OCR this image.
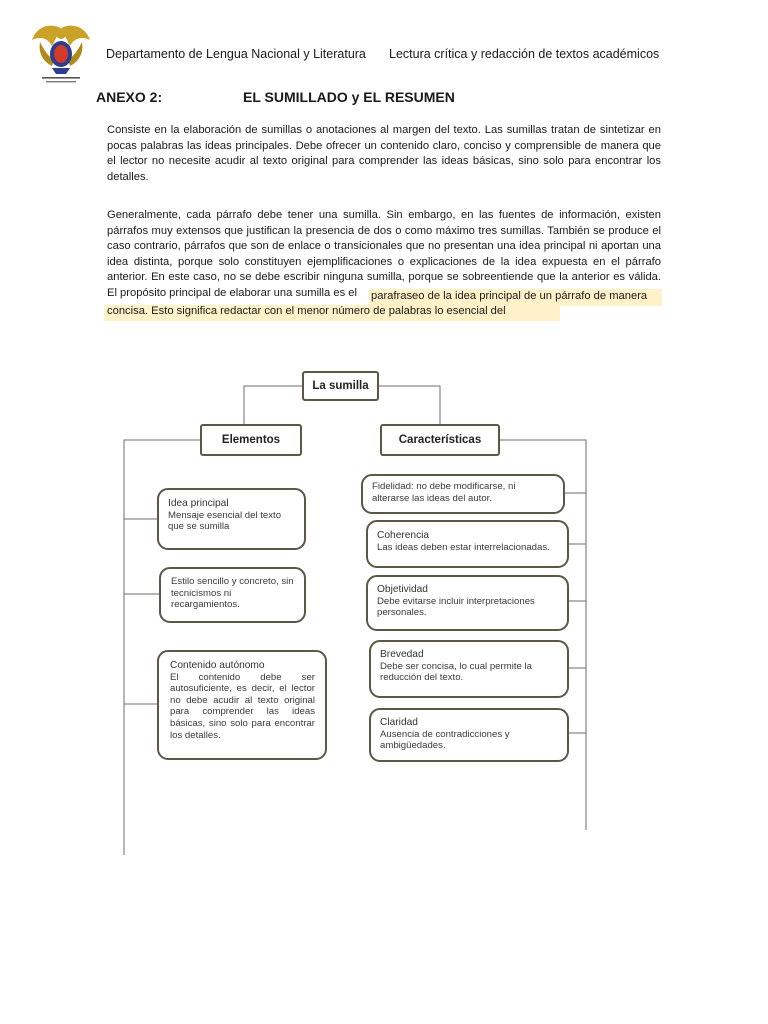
Departamento de Lengua Nacional y Literatura Lectura crítica y redacción de textos académicos
ANEXO 2:	EL SUMILLADO y EL RESUMEN
Consiste en la elaboración de sumillas o anotaciones al margen del texto. Las sumillas tratan de sintetizar en pocas palabras las ideas principales. Debe ofrecer un contenido claro, conciso y comprensible de manera que el lector no necesite acudir al texto original para comprender las ideas básicas, sino solo para encontrar los detalles.
Generalmente, cada párrafo debe tener una sumilla. Sin embargo, en las fuentes de información, existen párrafos muy extensos que justifican la presencia de dos o como máximo tres sumillas. También se produce el caso contrario, párrafos que son de enlace o transicionales que no presentan una idea principal ni aportan una idea distinta, porque solo constituyen ejemplificaciones o explicaciones de la idea expuesta en el párrafo anterior. En este caso, no se debe escribir ninguna sumilla, porque se sobreentiende que la anterior es válida. El propósito principal de elaborar una sumilla es el	parafraseo de la idea principal de un párrafo de manera
concisa. Esto significa redactar con el menor número de palabras lo esencial del
La sumilla
Elementos	Características
Idea principal
Mensaje esencial del texto que se sumilla
Estilo sencillo y concreto, sin tecnicismos ni recargamientos.
Contenido autónomo
El contenido debe ser autosuficiente, es decir, el lector no debe acudir al texto original para comprender las ideas básicas, sino solo para encontrar los detalles.
Fidelidad: no debe modificarse, ni alterarse las ideas del autor.
Coherencia
Las ideas deben estar interrelacionadas.
Objetividad
Debe evitarse incluir interpretaciones personales.
Brevedad
Debe ser concisa, lo cual permite la reducción del texto.
Claridad
Ausencia de contradicciones y ambigüedades.
